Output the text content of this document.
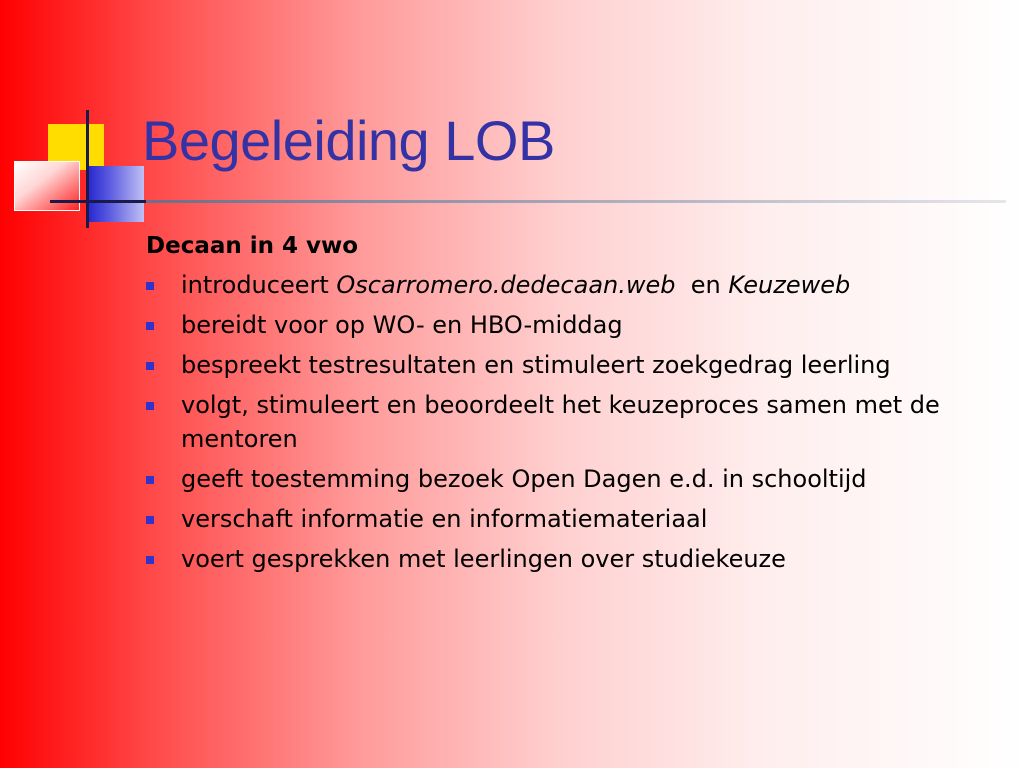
Begeleiding LOB
Decaan in 4 vwo
introduceert Oscarromero.dedecaan.web  en Keuzeweb
bereidt voor op WO- en HBO-middag
bespreekt testresultaten en stimuleert zoekgedrag leerling
volgt, stimuleert en beoordeelt het keuzeproces samen met de mentoren
geeft toestemming bezoek Open Dagen e.d. in schooltijd
verschaft informatie en informatiemateriaal
voert gesprekken met leerlingen over studiekeuze
